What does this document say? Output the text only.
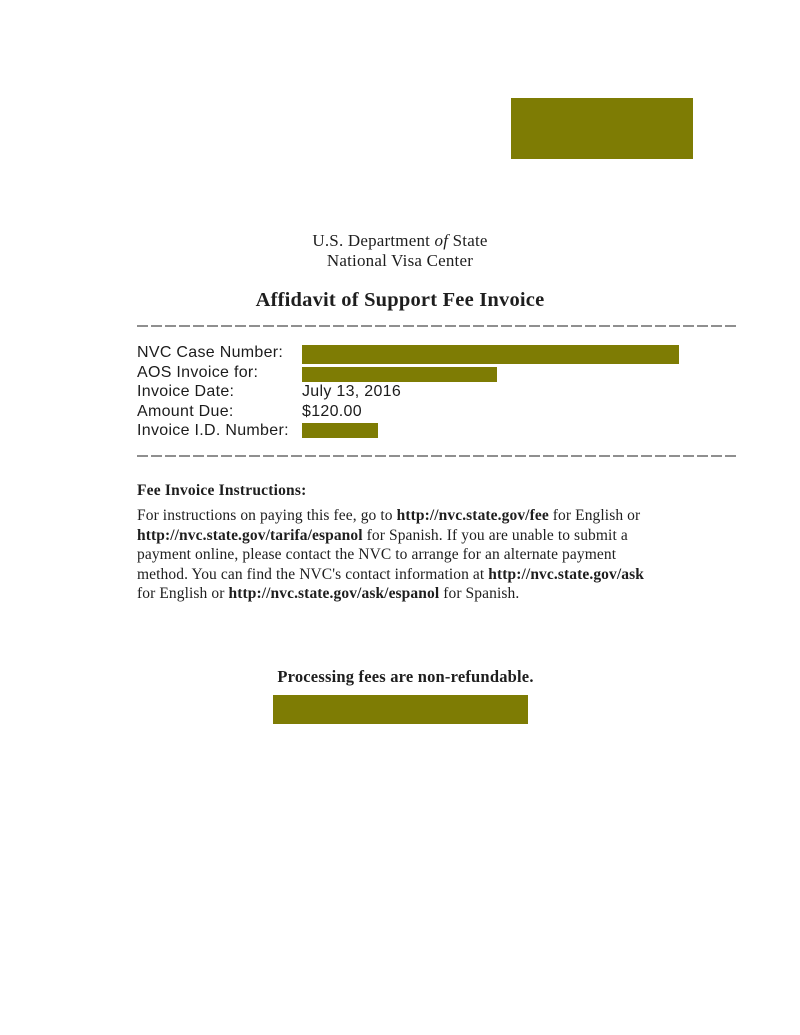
U.S. Department of State
National Visa Center
Affidavit of Support Fee Invoice
NVC Case Number:
AOS Invoice for:
Invoice Date:	July 13, 2016
Amount Due:	$120.00
Invoice I.D. Number:
Fee Invoice Instructions:
For instructions on paying this fee, go to http://nvc.state.gov/fee for English or http://nvc.state.gov/tarifa/espanol for Spanish. If you are unable to submit a payment online, please contact the NVC to arrange for an alternate payment method. You can find the NVC's contact information at http://nvc.state.gov/ask for English or http://nvc.state.gov/ask/espanol for Spanish.
Processing fees are non-refundable.
